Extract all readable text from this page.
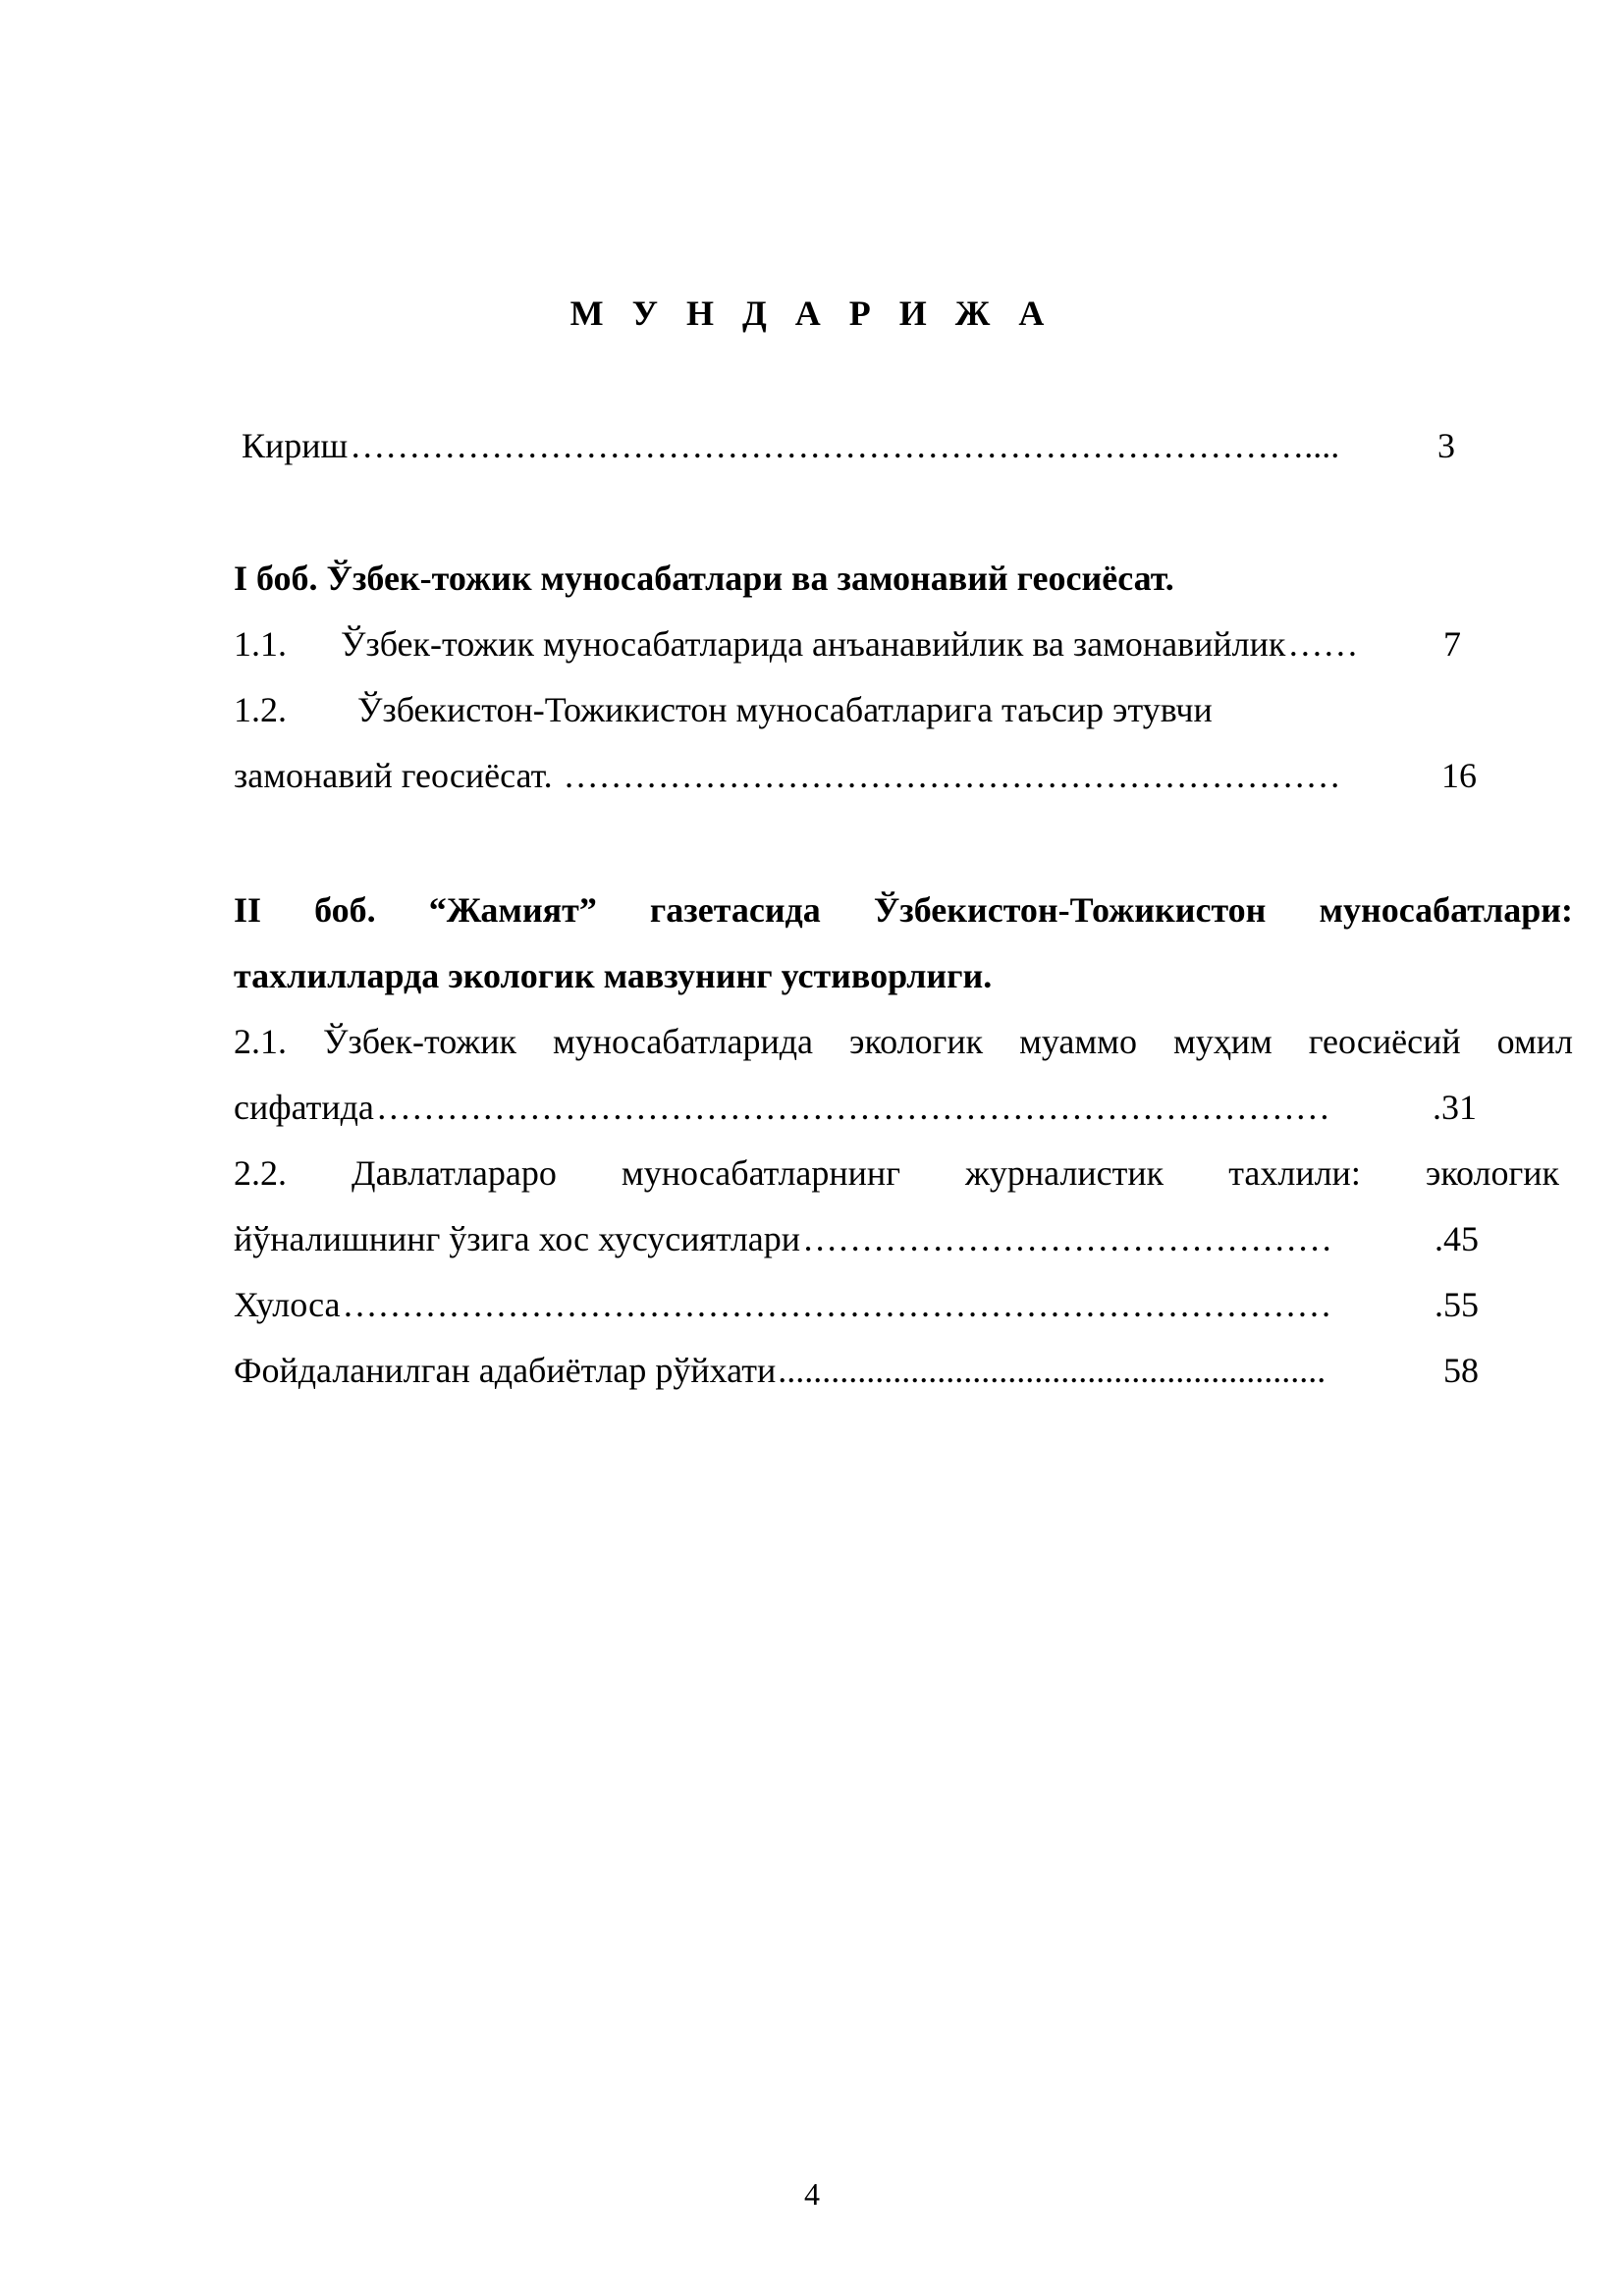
М У Н Д А Р И Ж А
Кириш ………………………………………………………………………....	3
I боб. Ўзбек-тожик муносабатлари ва замонавий геосиёсат.
1.1. Ўзбек-тожик муносабатларида анъанавийлик ва замонавийлик ……	7
1.2. Ўзбекистон-Тожикистон муносабатларига таъсир этувчи
замонавий геосиёсат. …………………………………………………………	16
II боб. “Жамият” газетасида Ўзбекистон-Тожикистон муносабатлари:
тахлилларда экологик мавзунинг устиворлиги.
2.1. Ўзбек-тожик муносабатларида экологик муаммо муҳим геосиёсий омил
сифатида ………………………………………………………………………	.31
2.2. Давлатлараро муносабатларнинг журналистик тахлили: экологик
йўналишнинг ўзига хос хусусиятлари ………………………………………	.45
Хулоса …………………………………………………………………………	.55
Фойдаланилган адабиётлар рўйхати ..............................................................	58
4
